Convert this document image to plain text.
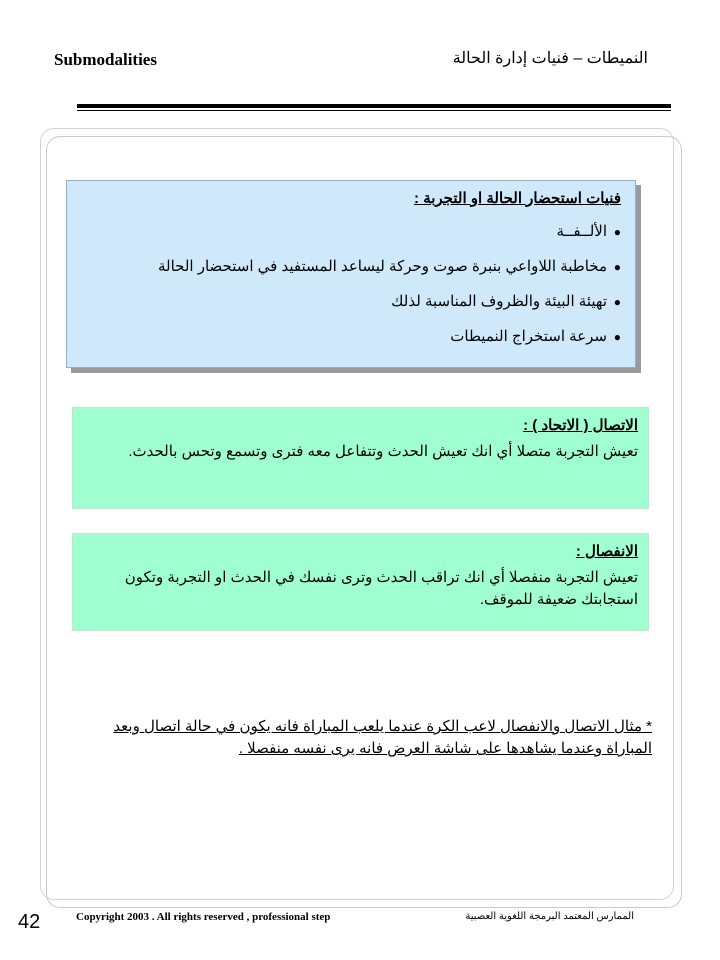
Submodalities	النميطات – فنيات إدارة الحالة
فنيات استحضار الحالة او التجربة :
●الألــفــة
●مخاطبة اللاواعي بنبرة صوت وحركة ليساعد المستفيد في استحضار الحالة
●تهيئة البيئة والظروف المناسبة لذلك
●سرعة استخراج النميطات
الاتصال ( الاتحاد ) :
تعيش التجربة متصلا أي انك تعيش الحدث وتتفاعل معه فترى وتسمع وتحس بالحدث.
الانفصال :
تعيش التجربة منفصلا أي انك تراقب الحدث وترى نفسك في الحدث او التجربة وتكون استجابتك ضعيفة للموقف.
* مثال الاتصال والانفصال لاعب الكرة عندما يلعب المباراة فانه يكون في حالة اتصال وبعد المباراة وعندما يشاهدها على شاشة العرض فانه يرى نفسه منفصلا .
42	Copyright 2003 . All rights reserved , professional step	الممارس المعتمد البرمجة اللغوية العصبية
